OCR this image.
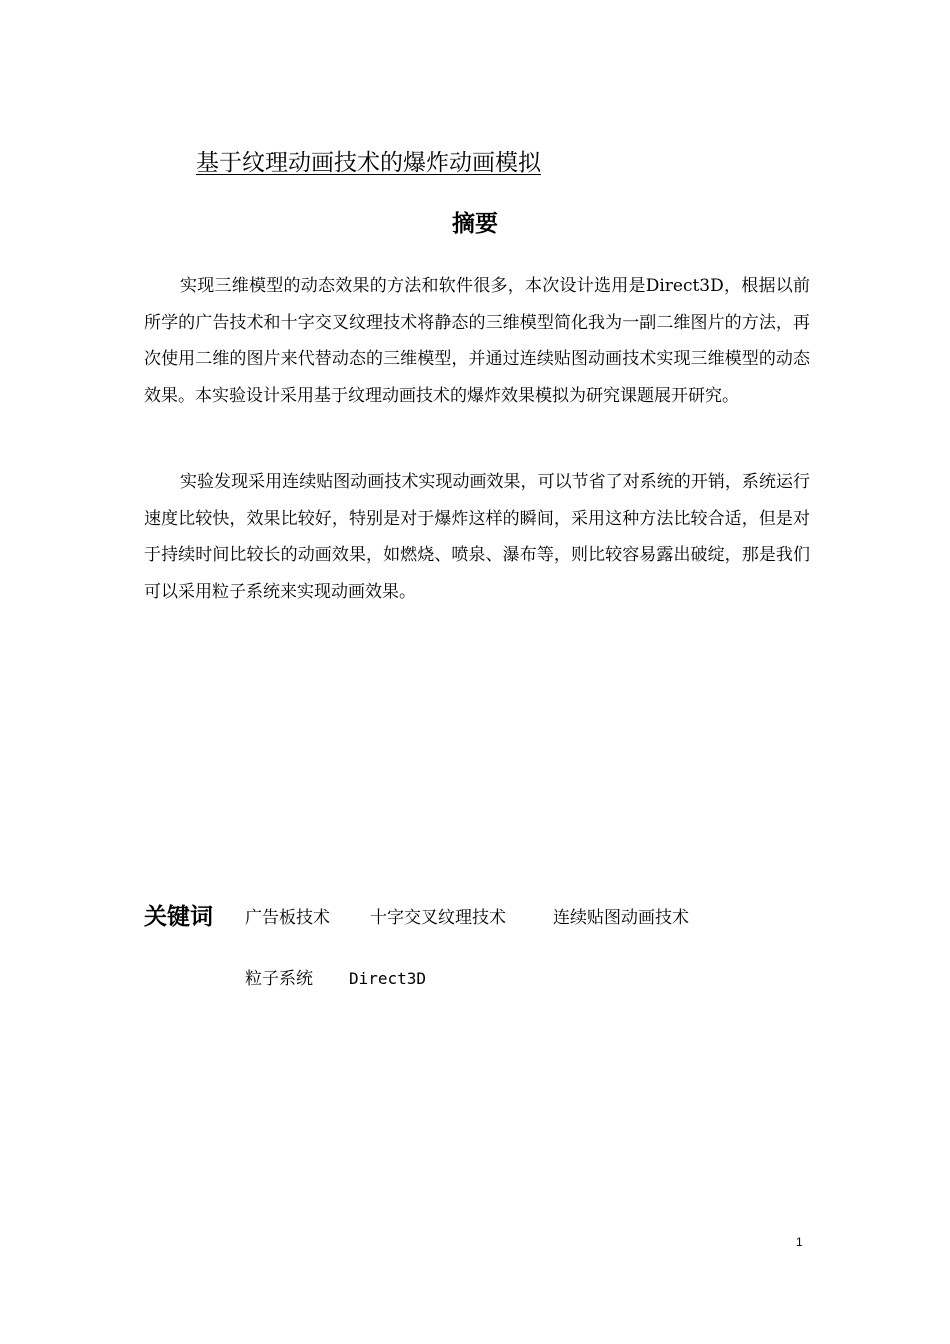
基于纹理动画技术的爆炸动画模拟
摘要

实现三维模型的动态效果的方法和软件很多，本次设计选用是Direct3D，根据以前所学的广告技术和十字交叉纹理技术将静态的三维模型简化我为一副二维图片的方法，再次使用二维的图片来代替动态的三维模型，并通过连续贴图动画技术实现三维模型的动态效果。本实验设计采用基于纹理动画技术的爆炸效果模拟为研究课题展开研究。

实验发现采用连续贴图动画技术实现动画效果，可以节省了对系统的开销，系统运行速度比较快，效果比较好，特别是对于爆炸这样的瞬间，采用这种方法比较合适，但是对于持续时间比较长的动画效果，如燃烧、喷泉、瀑布等，则比较容易露出破绽，那是我们可以采用粒子系统来实现动画效果。

关键词 广告板技术 十字交叉纹理技术	连续贴图动画技术
粒子系统 Direct3D
1
